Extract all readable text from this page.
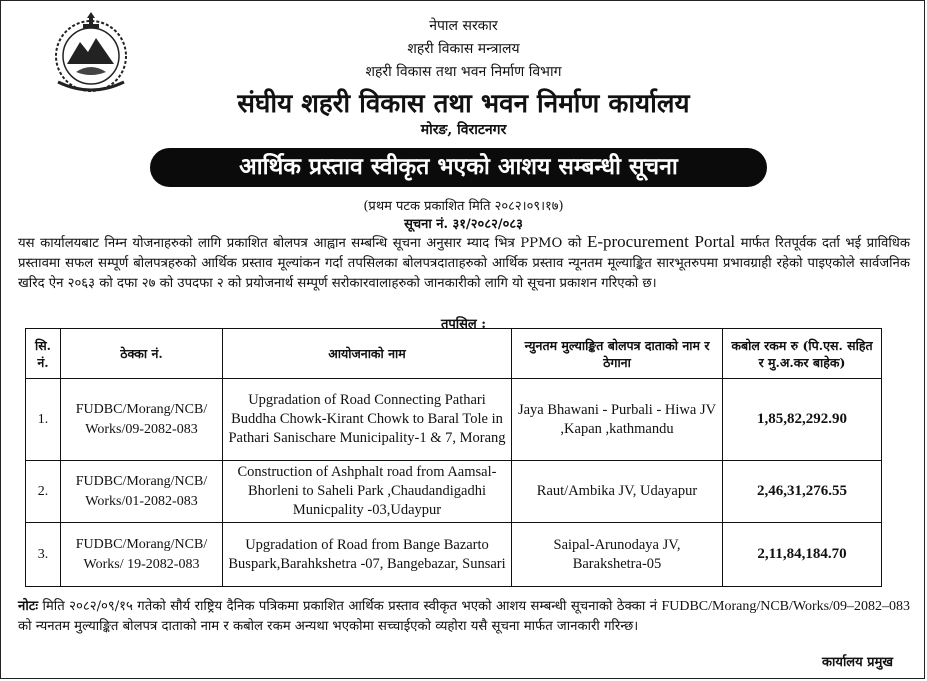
नेपाल सरकार
शहरी विकास मन्त्रालय
शहरी विकास तथा भवन निर्माण विभाग
संघीय शहरी विकास तथा भवन निर्माण कार्यालय
मोरङ, विराटनगर
आर्थिक प्रस्ताव स्वीकृत भएको आशय सम्बन्धी सूचना
(प्रथम पटक प्रकाशित मिति २०८२।०९।१७)
सूचना नं. ३१/२०८२/०८३
यस कार्यालयबाट निम्न योजनाहरुको लागि प्रकाशित बोलपत्र आह्वान सम्बन्धि सूचना अनुसार म्याद भित्र PPMO को E-procurement Portal मार्फत रितपूर्वक दर्ता भई प्राविधिक प्रस्तावमा सफल सम्पूर्ण बोलपत्रहरुको आर्थिक प्रस्ताव मूल्यांकन गर्दा तपसिलका बोलपत्रदाताहरुको आर्थिक प्रस्ताव न्यूनतम मूल्याङ्कित सारभूतरुपमा प्रभावग्राही रहेको पाइएकोले सार्वजनिक खरिद ऐन २०६३ को दफा २७ को उपदफा २ को प्रयोजनार्थ सम्पूर्ण सरोकारवालाहरुको जानकारीको लागि यो सूचना प्रकाशन गरिएको छ।
तपसिल :
सि. नं.	ठेक्का नं.	आयोजनाको नाम	न्युनतम मुल्याङ्कित बोलपत्र दाताको नाम र ठेगाना	कबोल रकम रु (पि.एस. सहित र मु.अ.कर बाहेक)
1.	FUDBC/Morang/NCB/ Works/09-2082-083	Upgradation of Road Connecting Pathari Buddha Chowk-Kirant Chowk to Baral Tole in Pathari Sanischare Municipality-1 & 7, Morang	Jaya Bhawani - Purbali - Hiwa JV ,Kapan ,kathmandu	1,85,82,292.90
2.	FUDBC/Morang/NCB/ Works/01-2082-083	Construction of Ashphalt road from Aamsal-Bhorleni to Saheli Park ,Chaudandigadhi Municpality -03,Udaypur	Raut/Ambika JV, Udayapur	2,46,31,276.55
3.	FUDBC/Morang/NCB/ Works/ 19-2082-083	Upgradation of Road from Bange Bazarto Buspark,Barahkshetra -07, Bangebazar, Sunsari	Saipal-Arunodaya JV, Barakshetra-05	2,11,84,184.70
नोटः मिति २०८२/०९/१५ गतेको सौर्य राष्ट्रिय दैनिक पत्रिकमा प्रकाशित आर्थिक प्रस्ताव स्वीकृत भएको आशय सम्बन्धी सूचनाको ठेक्का नं FUDBC/Morang/NCB/Works/09–2082–083 को न्यनतम मुल्याङ्कित बोलपत्र दाताको नाम र कबोल रकम अन्यथा भएकोमा सच्चाईएको व्यहोरा यसै सूचना मार्फत जानकारी गरिन्छ।
कार्यालय प्रमुख
